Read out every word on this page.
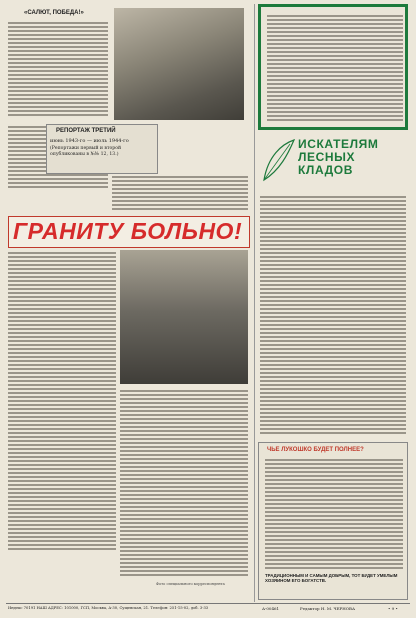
«САЛЮТ, ПОБЕДА!»
РЕПОРТАЖ ТРЕТИЙ
июнь 1943-го — июль 1944-го
(Репортажи первый и второй опубликованы в №№ 12, 13.)
ГРАНИТУ БОЛЬНО!
Фото специального корреспондента
ИСКАТЕЛЯМ ЛЕСНЫХ КЛАДОВ
ЧЬЕ ЛУКОШКО БУДЕТ ПОЛНЕЕ?
ТРАДИЦИОННЫМ И САМЫМ ДОБРЫМ, ТОТ БУДЕТ УМЕЛЫМ ХОЗЯИНОМ ЕГО БОГАТСТВ.
Индекс 70191 НАШ АДРЕС: 101000, ГСП, Москва, А-30, Сущевская, 21. Телефон: 251-15-02, доб. 3-33	А-00461	Редактор Н. М. ЧЕРНОВА	• 9 •
